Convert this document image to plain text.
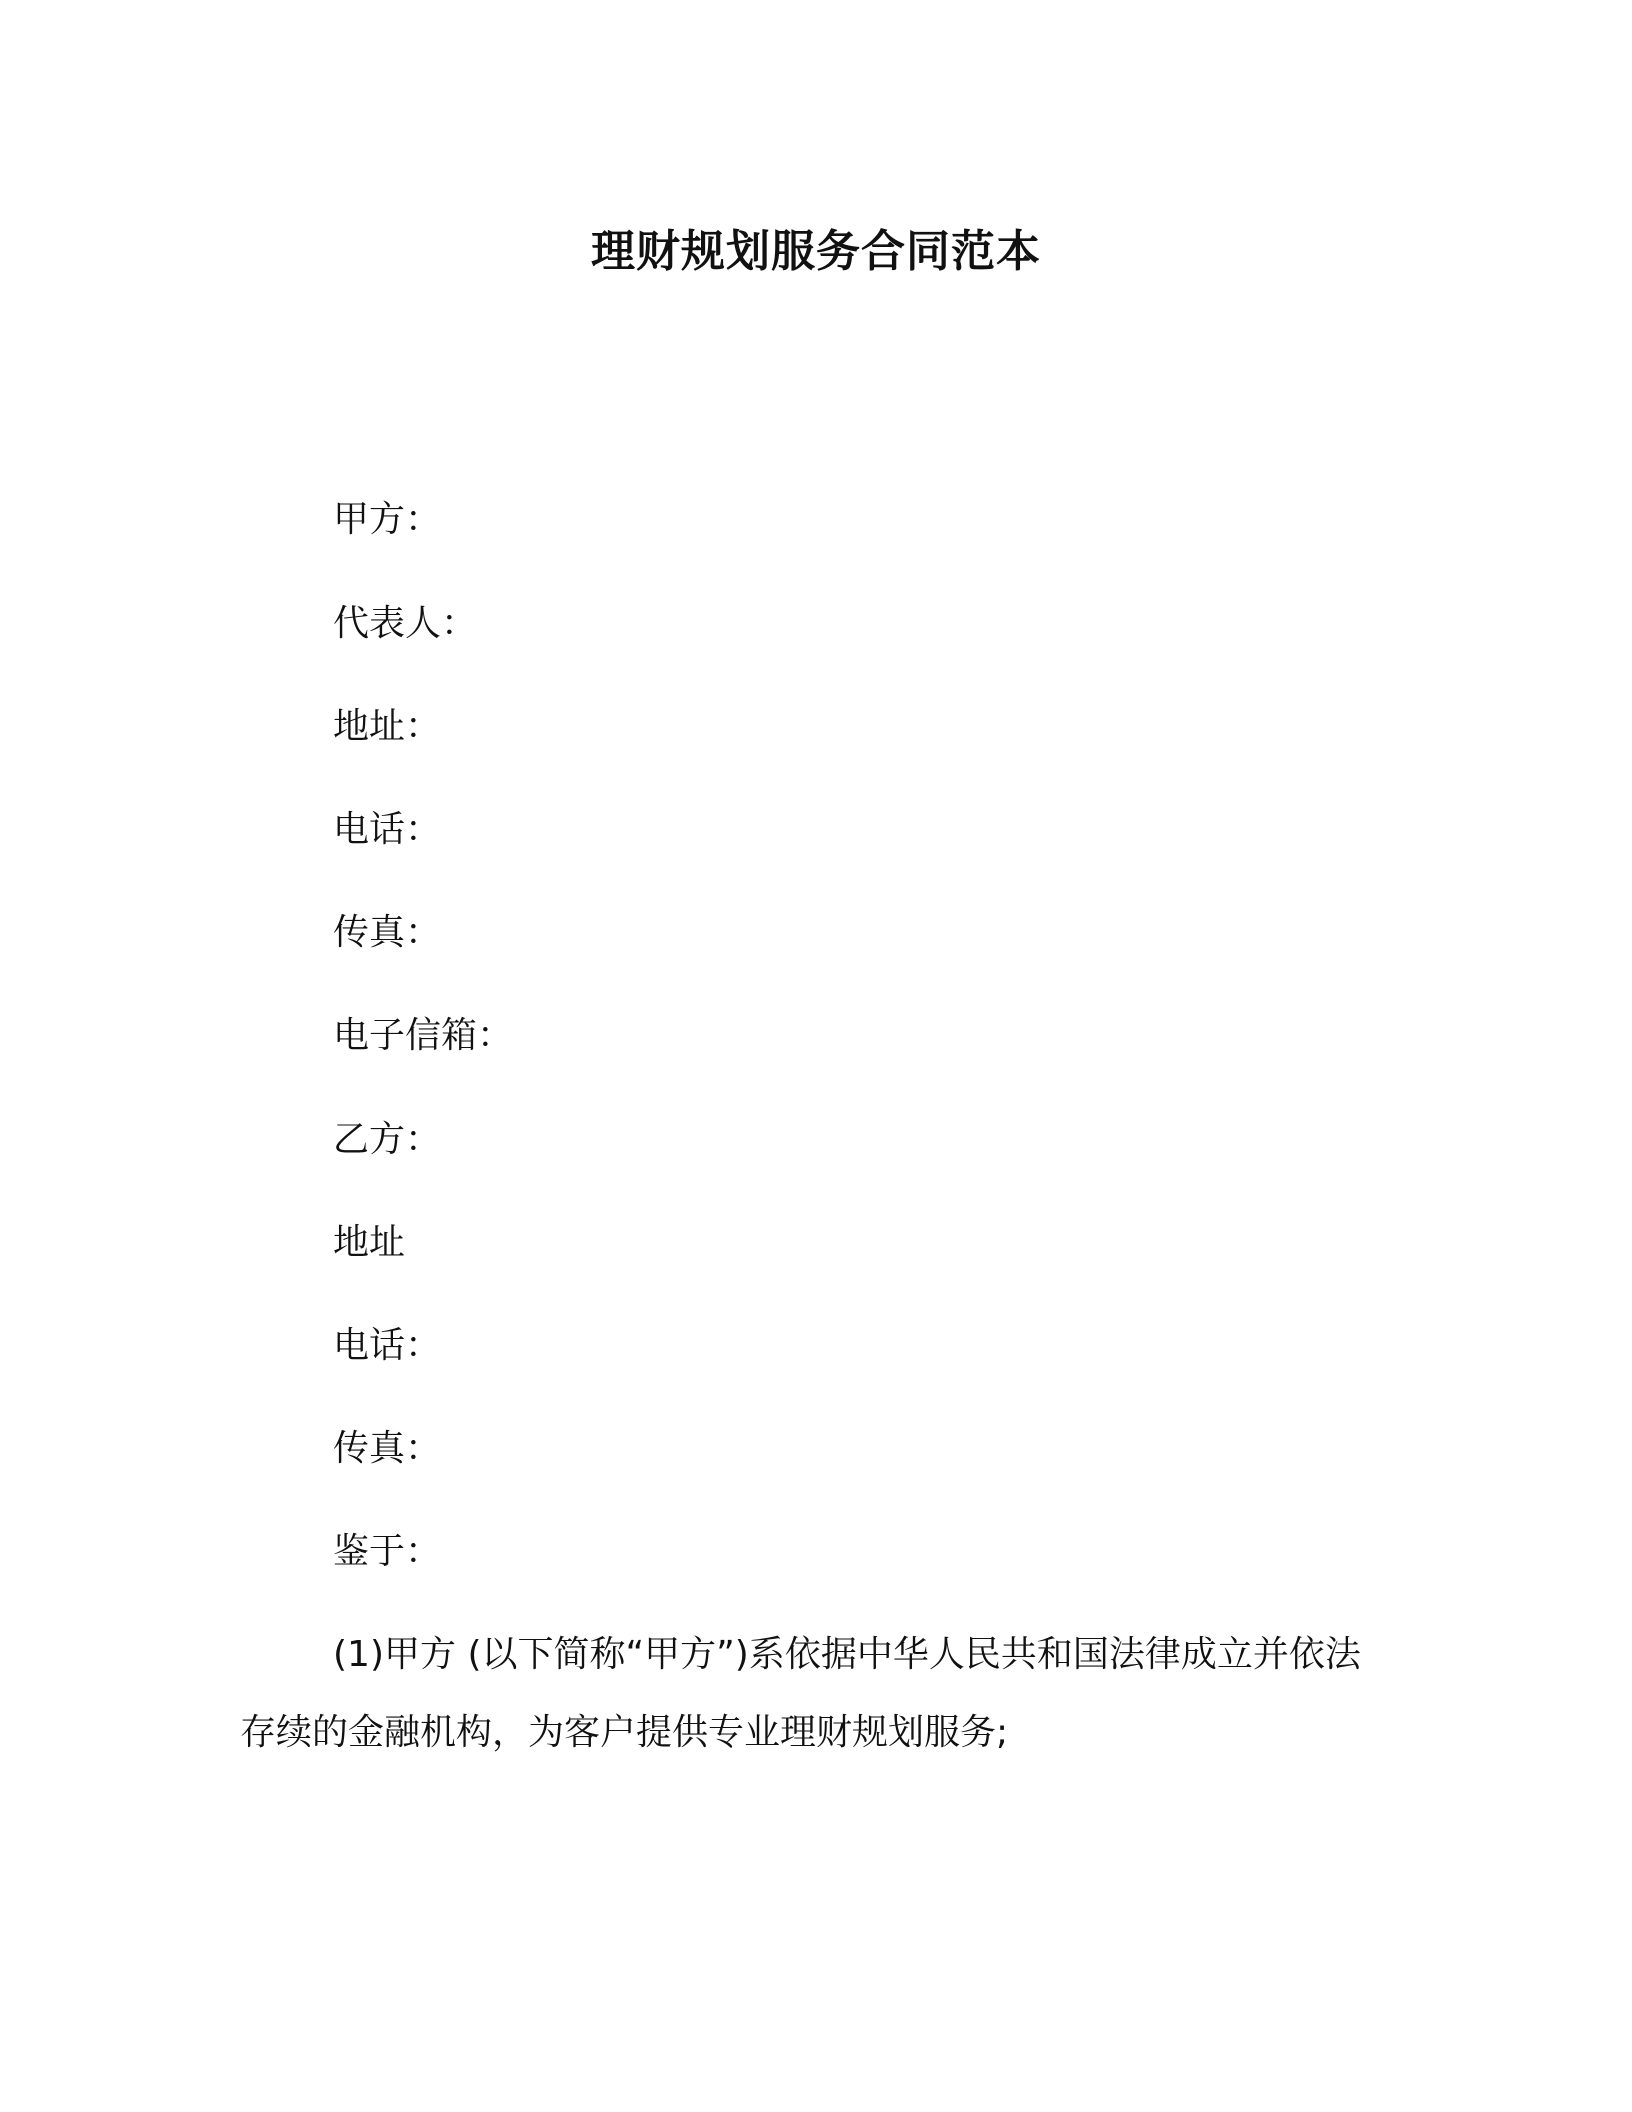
理财规划服务合同范本
甲方：
代表人：
地址：
电话：
传真：
电子信箱：
乙方：
地址
电话：
传真：
鉴于：
(1)甲方 (以下简称“甲方”)系依据中华人民共和国法律成立并依法存续的金融机构，为客户提供专业理财规划服务;
